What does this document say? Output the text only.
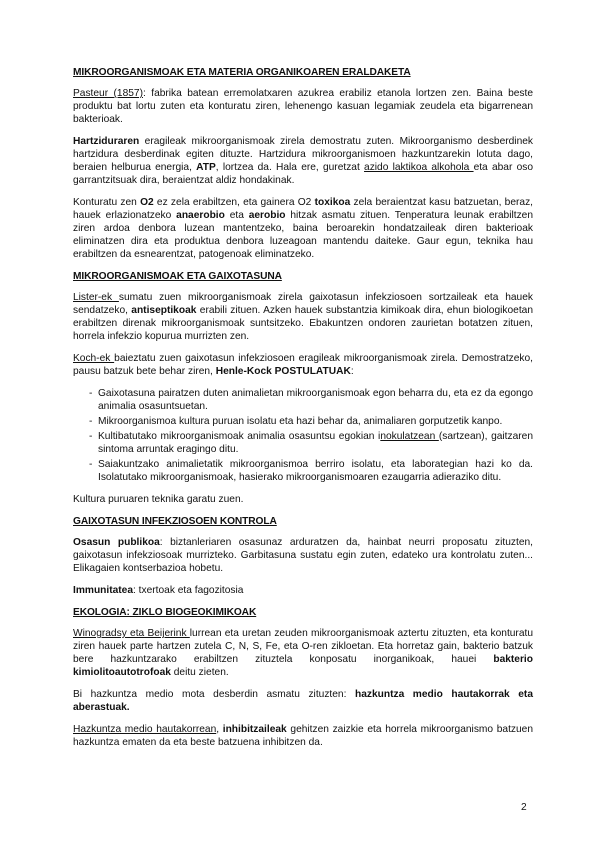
MIKROORGANISMOAK ETA MATERIA ORGANIKOAREN ERALDAKETA

Pasteur (1857): fabrika batean erremolatxaren azukrea erabiliz etanola lortzen zen. Baina beste produktu bat lortu zuten eta konturatu ziren, lehenengo kasuan legamiak zeudela eta bigarrenean bakterioak.

Hartziduraren eragileak mikroorganismoak zirela demostratu zuten. Mikroorganismo desberdinek hartzidura desberdinak egiten dituzte. Hartzidura mikroorganismoen hazkuntzarekin lotuta dago, beraien helburua energia, ATP, lortzea da. Hala ere, guretzat azido laktikoa alkohola eta abar oso garrantzitsuak dira, beraientzat aldiz hondakinak.

Konturatu zen O2 ez zela erabiltzen, eta gainera O2 toxikoa zela beraientzat kasu batzuetan, beraz, hauek erlazionatzeko anaerobio eta aerobio hitzak asmatu zituen. Tenperatura leunak erabiltzen ziren ardoa denbora luzean mantentzeko, baina beroarekin hondatzaileak diren bakterioak eliminatzen dira eta produktua denbora luzeagoan mantendu daiteke. Gaur egun, teknika hau erabiltzen da esnearentzat, patogenoak eliminatzeko.

MIKROORGANISMOAK ETA GAIXOTASUNA

Lister-ek sumatu zuen mikroorganismoak zirela gaixotasun infekziosoen sortzaileak eta hauek sendatzeko, antiseptikoak erabili zituen. Azken hauek substantzia kimikoak dira, ehun biologikoetan erabiltzen direnak mikroorganismoak suntsitzeko. Ebakuntzen ondoren zaurietan botatzen zituen, horrela infekzio kopurua murrizten zen.

Koch-ek baieztatu zuen gaixotasun infekziosoen eragileak mikroorganismoak zirela. Demostratzeko, pausu batzuk bete behar ziren, Henle-Kock POSTULATUAK:

- Gaixotasuna pairatzen duten animalietan mikroorganismoak egon beharra du, eta ez da egongo animalia osasuntsuetan.
- Mikroorganismoa kultura puruan isolatu eta hazi behar da, animaliaren gorputzetik kanpo.
- Kultibatutako mikroorganismoak animalia osasuntsu egokian inokulatzean (sartzean), gaitzaren sintoma arruntak eragingo ditu.
- Saiakuntzako animalietatik mikroorganismoa berriro isolatu, eta laborategian hazi ko da. Isolatutako mikroorganismoak, hasierako mikroorganismoaren ezaugarria adieraziko ditu.

Kultura puruaren teknika garatu zuen.

GAIXOTASUN INFEKZIOSOEN KONTROLA

Osasun publikoa: biztanleriaren osasunaz arduratzen da, hainbat neurri proposatu zituzten, gaixotasun infekziosoak murrizteko. Garbitasuna sustatu egin zuten, edateko ura kontrolatu zuten... Elikagaien kontserbazioa hobetu.

Immunitatea: txertoak eta fagozitosia

EKOLOGIA: ZIKLO BIOGEOKIMIKOAK

Winogradsy eta Beijerink lurrean eta uretan zeuden mikroorganismoak aztertu zituzten, eta konturatu ziren hauek parte hartzen zutela C, N, S, Fe, eta O-ren zikloetan. Eta horretaz gain, bakterio batzuk bere hazkuntzarako erabiltzen zituztela konposatu inorganikoak, hauei bakterio kimiolitoautotrofoak deitu zieten.

Bi hazkuntza medio mota desberdin asmatu zituzten: hazkuntza medio hautakorrak eta aberastuak.

Hazkuntza medio hautakorrean, inhibitzaileak gehitzen zaizkie eta horrela mikroorganismo batzuen hazkuntza ematen da eta beste batzuena inhibitzen da.

2
